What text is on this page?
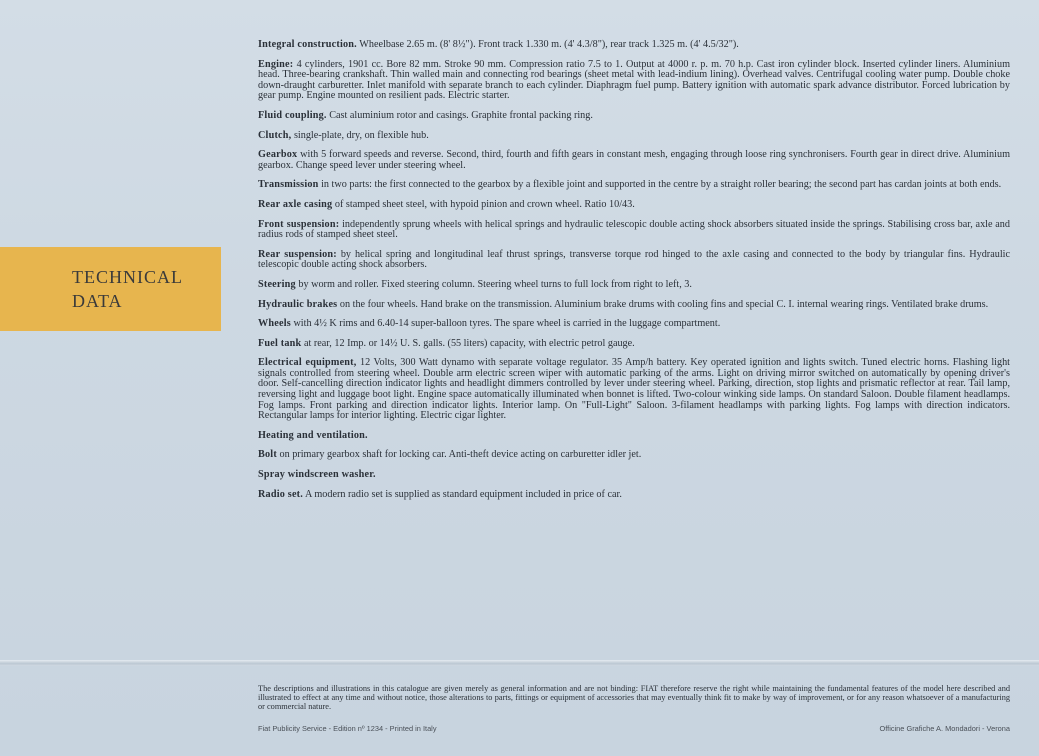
TECHNICAL
DATA

Integral construction. Wheelbase 2.65 m. (8' 8½"). Front track 1.330 m. (4' 4.3/8"), rear track 1.325 m. (4' 4.5/32").

Engine: 4 cylinders, 1901 cc. Bore 82 mm. Stroke 90 mm. Compression ratio 7.5 to 1. Output at 4000 r. p. m. 70 h.p. Cast iron cylinder block. Inserted cylinder liners. Aluminium head. Three-bearing crankshaft. Thin walled main and connecting rod bearings (sheet metal with lead-indium lining). Overhead valves. Centrifugal cooling water pump. Double choke down-draught carburetter. Inlet manifold with separate branch to each cylinder. Diaphragm fuel pump. Battery ignition with automatic spark advance distributor. Forced lubrication by gear pump. Engine mounted on resilient pads. Electric starter.

Fluid coupling. Cast aluminium rotor and casings. Graphite frontal packing ring.

Clutch, single-plate, dry, on flexible hub.

Gearbox with 5 forward speeds and reverse. Second, third, fourth and fifth gears in constant mesh, engaging through loose ring synchronisers. Fourth gear in direct drive. Aluminium gearbox. Change speed lever under steering wheel.

Transmission in two parts: the first connected to the gearbox by a flexible joint and supported in the centre by a straight roller bearing; the second part has cardan joints at both ends.

Rear axle casing of stamped sheet steel, with hypoid pinion and crown wheel. Ratio 10/43.

Front suspension: independently sprung wheels with helical springs and hydraulic telescopic double acting shock absorbers situated inside the springs. Stabilising cross bar, axle and radius rods of stamped sheet steel.

Rear suspension: by helical spring and longitudinal leaf thrust springs, transverse torque rod hinged to the axle casing and connected to the body by triangular fins. Hydraulic telescopic double acting shock absorbers.

Steering by worm and roller. Fixed steering column. Steering wheel turns to full lock from right to left, 3.

Hydraulic brakes on the four wheels. Hand brake on the transmission. Aluminium brake drums with cooling fins and special C. I. internal wearing rings. Ventilated brake drums.

Wheels with 4½ K rims and 6.40-14 super-balloon tyres. The spare wheel is carried in the luggage compartment.

Fuel tank at rear, 12 Imp. or 14½ U. S. galls. (55 liters) capacity, with electric petrol gauge.

Electrical equipment, 12 Volts, 300 Watt dynamo with separate voltage regulator. 35 Amp/h battery. Key operated ignition and lights switch. Tuned electric horns. Flashing light signals controlled from steering wheel. Double arm electric screen wiper with automatic parking of the arms. Light on driving mirror switched on automatically by opening driver's door. Self-cancelling direction indicator lights and headlight dimmers controlled by lever under steering wheel. Parking, direction, stop lights and prismatic reflector at rear. Tail lamp, reversing light and luggage boot light. Engine space automatically illuminated when bonnet is lifted. Two-colour winking side lamps. On standard Saloon. Double filament headlamps. Fog lamps. Front parking and direction indicator lights. Interior lamp. On "Full-Light" Saloon. 3-filament headlamps with parking lights. Fog lamps with direction indicators. Rectangular lamps for interior lighting. Electric cigar lighter.

Heating and ventilation.

Bolt on primary gearbox shaft for locking car. Anti-theft device acting on carburetter idler jet.

Spray windscreen washer.

Radio set. A modern radio set is supplied as standard equipment included in price of car.

The descriptions and illustrations in this catalogue are given merely as general information and are not binding: FIAT therefore reserve the right while maintaining the fundamental features of the model here described and illustrated to effect at any time and without notice, those alterations to parts, fittings or equipment of accessories that may eventually think fit to make by way of improvement, or for any reason whatsoever of a manufacturing or commercial nature.
Fiat Publicity Service - Edition nº 1234 - Printed in Italy	Officine Grafiche A. Mondadori - Verona
